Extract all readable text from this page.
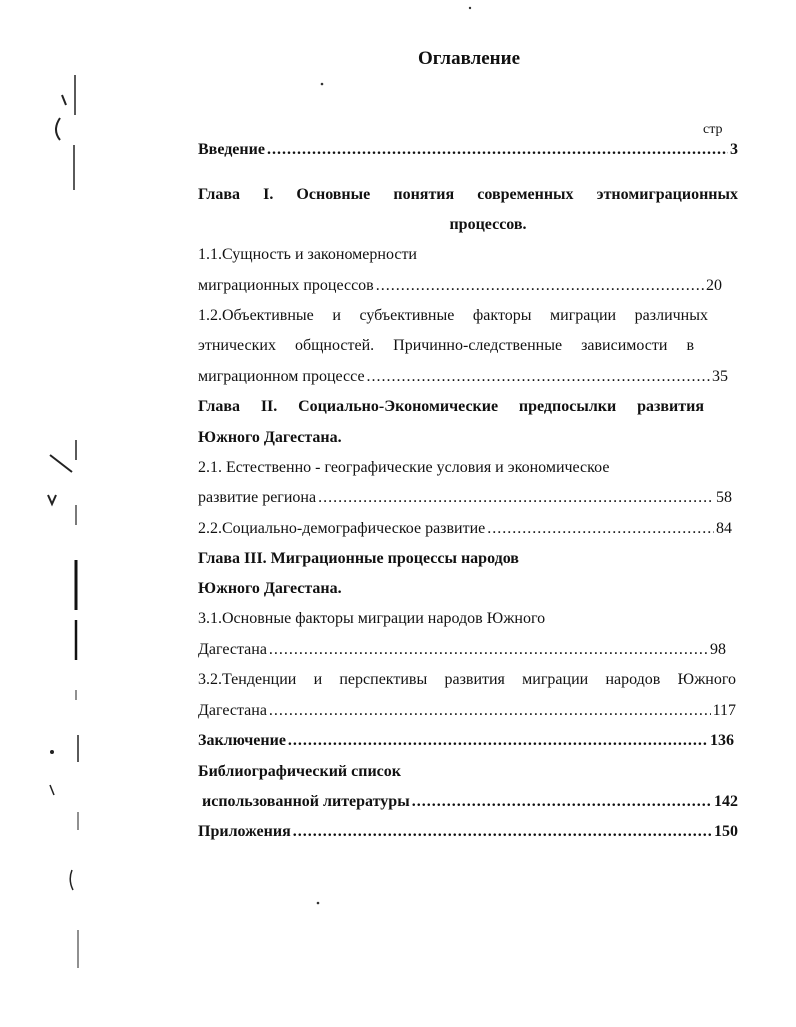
Оглавление
стр
Введение .....	3
Глава I. Основные понятия современных этномиграционных
процессов.
1.1.Сущность и закономерности
миграционных процессов .....	20
1.2.Объективные и субъективные факторы миграции различных
этнических общностей. Причинно-следственные зависимости в
миграционном процессе .....	35
Глава II. Социально-Экономические предпосылки развития
Южного Дагестана.
2.1. Естественно - географические условия и экономическое
развитие региона .....	58
2.2.Социально-демографическое развитие .....	84
Глава III. Миграционные процессы народов
Южного Дагестана.
3.1.Основные факторы миграции народов Южного
Дагестана .....	98
3.2.Тенденции и перспективы развития миграции народов Южного
Дагестана .....	117
Заключение .....	136
Библиографический список
использованной литературы .....	142
Приложения .....	150
